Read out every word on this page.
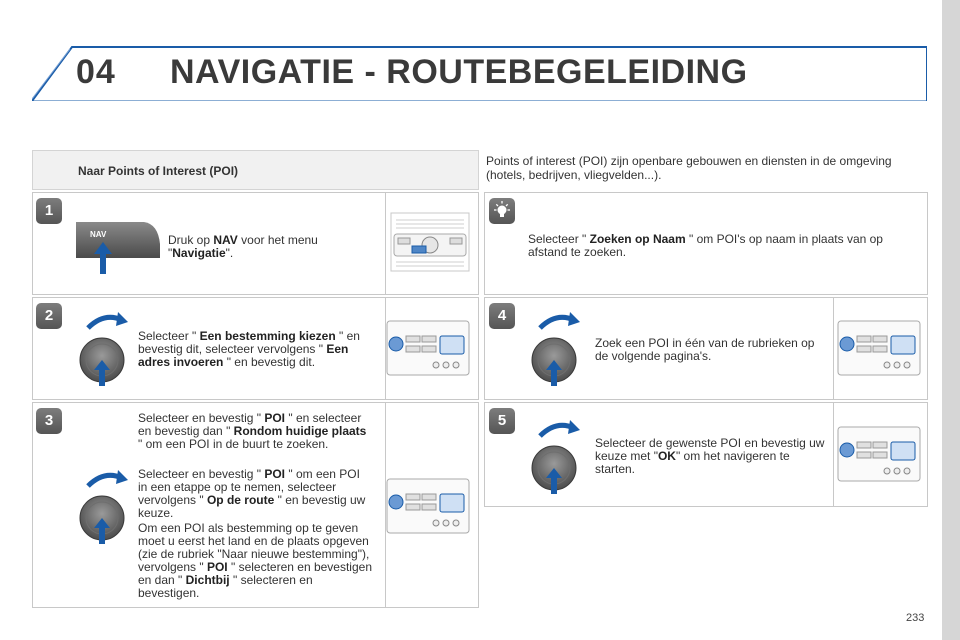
04 NAVIGATIE - ROUTEBEGELEIDING
Naar Points of Interest (POI)
Points of interest (POI) zijn openbare gebouwen en diensten in de omgeving (hotels, bedrijven, vliegvelden...).
1
2
3
4
5
NAV	Druk op NAV voor het menu "Navigatie".
Selecteer " Een bestemming kiezen " en bevestig dit, selecteer vervolgens " Een adres invoeren " en bevestig dit.
Selecteer en bevestig " POI " en selecteer en bevestig dan " Rondom huidige plaats " om een POI in de buurt te zoeken.
Selecteer en bevestig " POI " om een POI in een etappe op te nemen, selecteer vervolgens " Op de route " en bevestig uw keuze.
Om een POI als bestemming op te geven moet u eerst het land en de plaats opgeven (zie de rubriek "Naar nieuwe bestemming"), vervolgens " POI " selecteren en bevestigen en dan " Dichtbij " selecteren en bevestigen.
Selecteer " Zoeken op Naam " om POI's op naam in plaats van op afstand te zoeken.
Zoek een POI in één van de rubrieken op de volgende pagina's.
Selecteer de gewenste POI en bevestig uw keuze met "OK" om het navigeren te starten.
233
